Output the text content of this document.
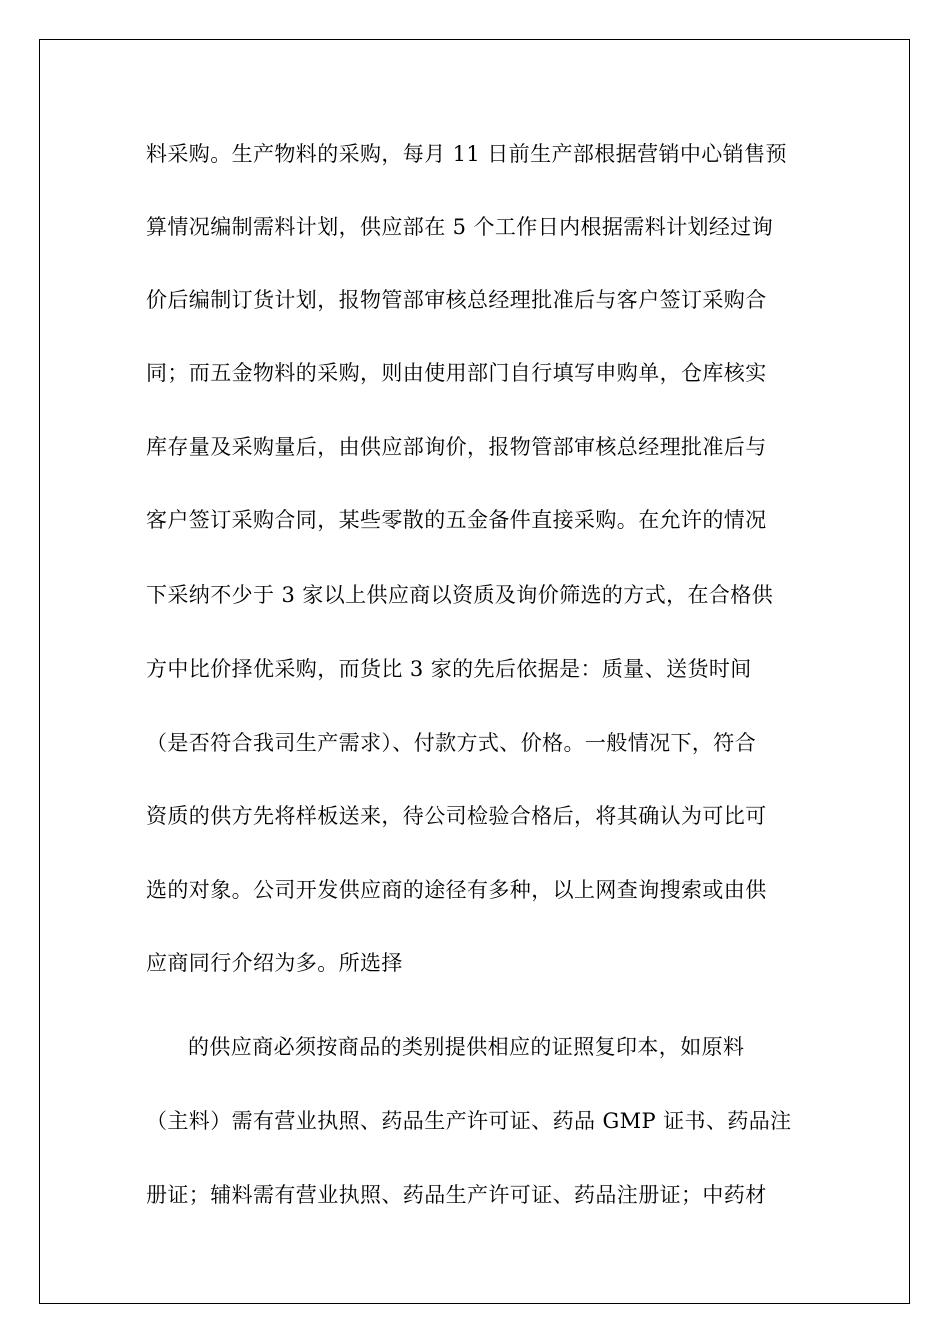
料采购。生产物料的采购，每月 11 日前生产部根据营销中心销售预
算情况编制需料计划，供应部在 5 个工作日内根据需料计划经过询
价后编制订货计划，报物管部审核总经理批准后与客户签订采购合
同；而五金物料的采购，则由使用部门自行填写申购单，仓库核实
库存量及采购量后，由供应部询价，报物管部审核总经理批准后与
客户签订采购合同，某些零散的五金备件直接采购。在允许的情况
下采纳不少于 3 家以上供应商以资质及询价筛选的方式，在合格供
方中比价择优采购，而货比 3 家的先后依据是：质量、送货时间
（是否符合我司生产需求）、付款方式、价格。一般情况下，符合
资质的供方先将样板送来，待公司检验合格后，将其确认为可比可
选的对象。公司开发供应商的途径有多种，以上网查询搜索或由供
应商同行介绍为多。所选择
的供应商必须按商品的类别提供相应的证照复印本，如原料
（主料）需有营业执照、药品生产许可证、药品 GMP 证书、药品注
册证；辅料需有营业执照、药品生产许可证、药品注册证；中药材
